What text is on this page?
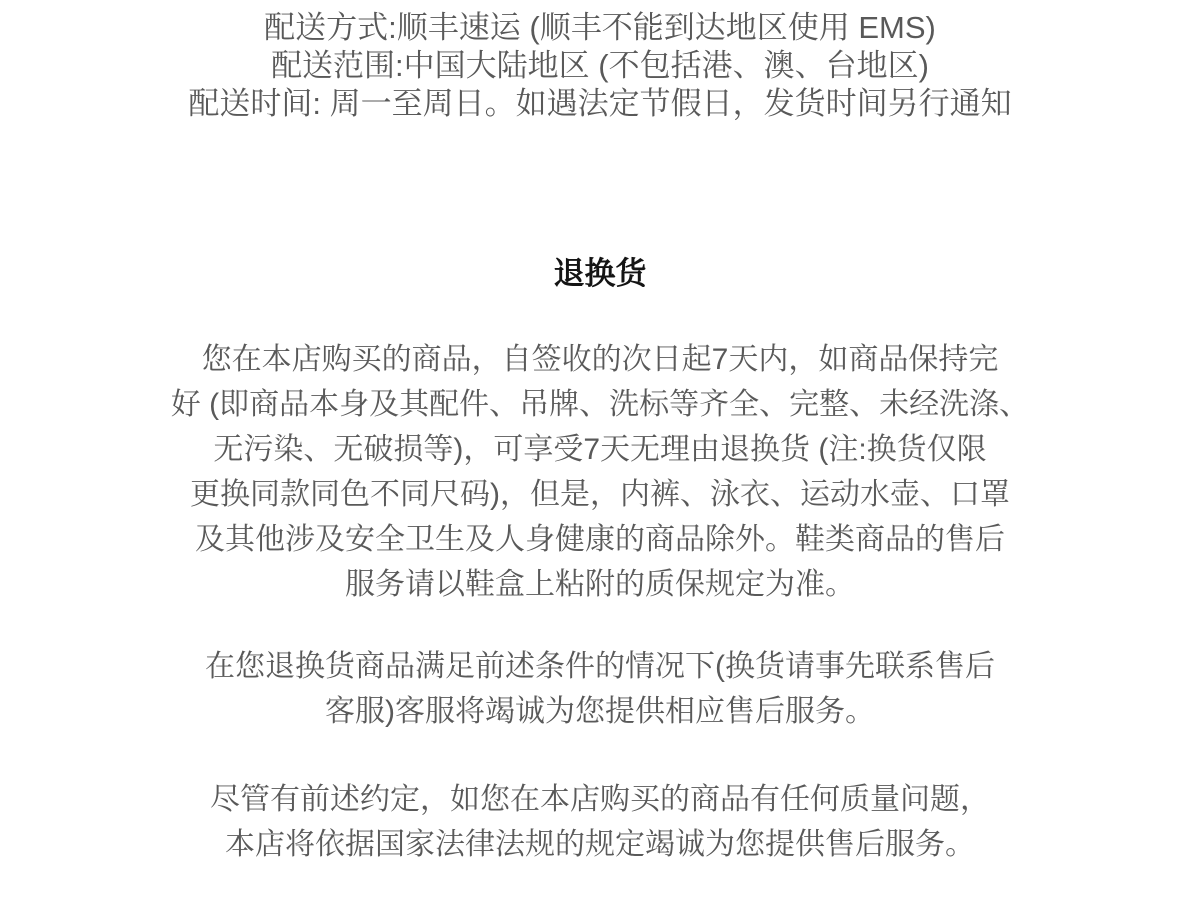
配送方式:顺丰速运 (顺丰不能到达地区使用 EMS)
配送范围:中国大陆地区 (不包括港、澳、台地区)
配送时间: 周一至周日。如遇法定节假日，发货时间另行通知
退换货
您在本店购买的商品，自签收的次日起7天内，如商品保持完
好 (即商品本身及其配件、吊牌、洗标等齐全、完整、未经洗涤、
无污染、无破损等)，可享受7天无理由退换货 (注:换货仅限
更换同款同色不同尺码)，但是，内裤、泳衣、运动水壶、口罩
及其他涉及安全卫生及人身健康的商品除外。鞋类商品的售后
服务请以鞋盒上粘附的质保规定为准。
在您退换货商品满足前述条件的情况下(换货请事先联系售后
客服)客服将竭诚为您提供相应售后服务。
尽管有前述约定，如您在本店购买的商品有任何质量问题，
本店将依据国家法律法规的规定竭诚为您提供售后服务。
